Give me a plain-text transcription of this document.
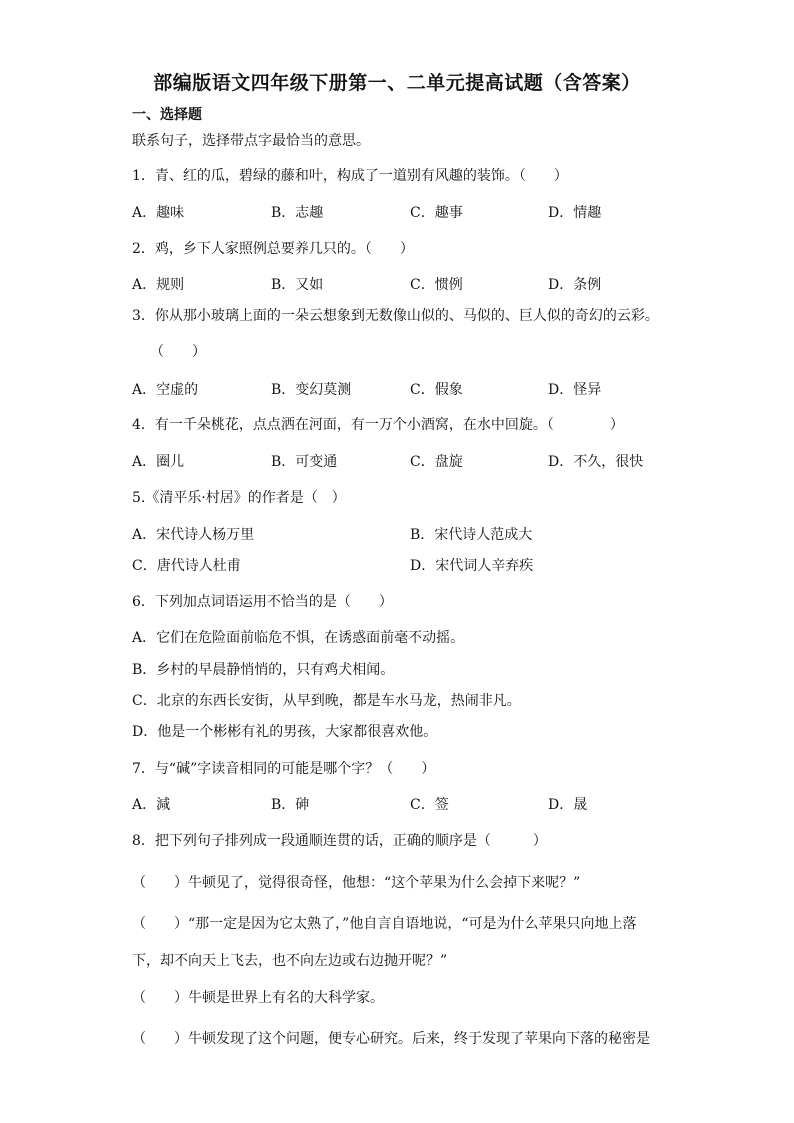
部编版语文四年级下册第一、二单元提高试题（含答案）
一、选择题
联系句子，选择带点字最恰当的意思。
1．青、红的瓜，碧绿的藤和叶，构成了一道别有风趣的装饰。（　　）
A．趣味	B．志趣	C．趣事	D．情趣
2．鸡，乡下人家照例总要养几只的。（　　）
A．规则	B．又如	C．惯例	D．条例
3．你从那小玻璃上面的一朵云想象到无数像山似的、马似的、巨人似的奇幻的云彩。
（　　）
A．空虚的	B．变幻莫测	C．假象	D．怪异
4．有一千朵桃花，点点洒在河面，有一万个小酒窝，在水中回旋。（　　　　）
A．圈儿	B．可变通	C．盘旋	D．不久，很快
5.《清平乐·村居》的作者是（　）
A．宋代诗人杨万里	B．宋代诗人范成大
C．唐代诗人杜甫	D．宋代词人辛弃疾
6．下列加点词语运用不恰当的是（　　）
A．它们在危险面前临危不惧，在诱惑面前毫不动摇。
B．乡村的早晨静悄悄的，只有鸡犬相闻。
C．北京的东西长安街，从早到晚，都是车水马龙，热闹非凡。
D．他是一个彬彬有礼的男孩，大家都很喜欢他。
7．与“碱”字读音相同的可能是哪个字？（　　）
A．減	B．砷	C．签	D．晟
8．把下列句子排列成一段通顺连贯的话，正确的顺序是（　　　）
（　　）牛顿见了，觉得很奇怪，他想：“这个苹果为什么会掉下来呢？”
（　　）“那一定是因为它太熟了，”他自言自语地说，“可是为什么苹果只向地上落
下，却不向天上飞去，也不向左边或右边抛开呢？”
（　　）牛顿是世界上有名的大科学家。
（　　）牛顿发现了这个问题，便专心研究。后来，终于发现了苹果向下落的秘密是
